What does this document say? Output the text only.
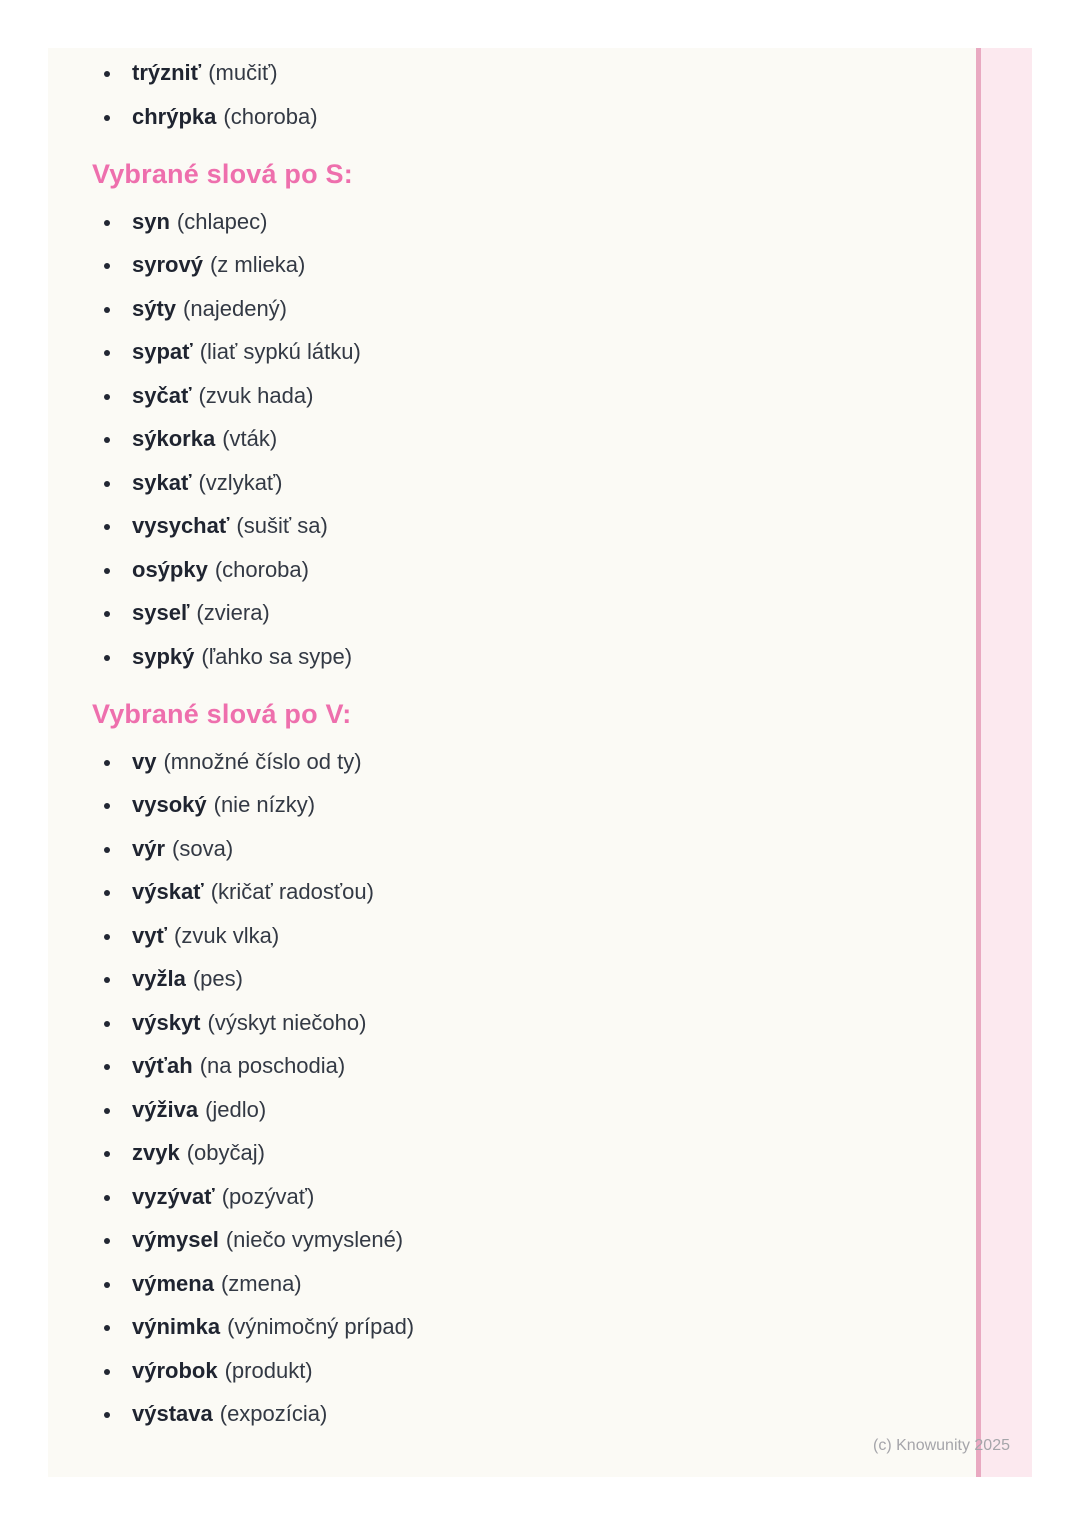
trýzniť (mučiť)
chrýpka (choroba)
Vybrané slová po S:
syn (chlapec)
syrový (z mlieka)
sýty (najedený)
sypať (liať sypkú látku)
syčať (zvuk hada)
sýkorka (vták)
sykať (vzlykať)
vysychať (sušiť sa)
osýpky (choroba)
syseľ (zviera)
sypký (ľahko sa sype)
Vybrané slová po V:
vy (množné číslo od ty)
vysoký (nie nízky)
výr (sova)
výskať (kričať radosťou)
vyť (zvuk vlka)
vyžla (pes)
výskyt (výskyt niečoho)
výťah (na poschodia)
výživa (jedlo)
zvyk (obyčaj)
vyzývať (pozývať)
výmysel (niečo vymyslené)
výmena (zmena)
výnimka (výnimočný prípad)
výrobok (produkt)
výstava (expozícia)
(c) Knowunity 2025
